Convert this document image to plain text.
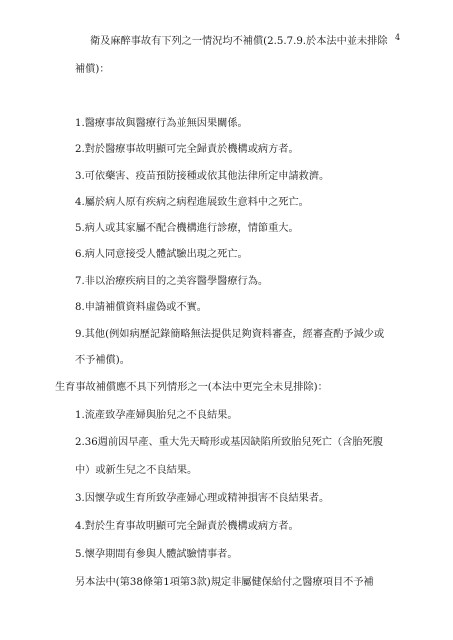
4
衛及麻醉事故有下列之一情況均不補償(2.5.7.9.於本法中並未排除
補償)：
1.醫療事故與醫療行為並無因果關係。
2.對於醫療事故明顯可完全歸責於機構或病方者。
3.可依藥害、疫苗預防接種或依其他法律所定申請救濟。
4.屬於病人原有疾病之病程進展致生意料中之死亡。
5.病人或其家屬不配合機構進行診療，情節重大。
6.病人同意接受人體試驗出現之死亡。
7.非以治療疾病目的之美容醫學醫療行為。
8.申請補償資料虛偽或不實。
9.其他(例如病歷記錄簡略無法提供足夠資料審查，經審查酌予減少或
不予補償)。
生育事故補償應不具下列情形之一(本法中更完全未見排除)：
1.流產致孕產婦與胎兒之不良結果。
2.36週前因早產、重大先天畸形或基因缺陷所致胎兒死亡（含胎死腹
中）或新生兒之不良結果。
3.因懷孕或生育所致孕產婦心理或精神損害不良結果者。
4.對於生育事故明顯可完全歸責於機構或病方者。
5.懷孕期間有參與人體試驗情事者。
另本法中(第38條第1項第3款)規定非屬健保給付之醫療項目不予補
